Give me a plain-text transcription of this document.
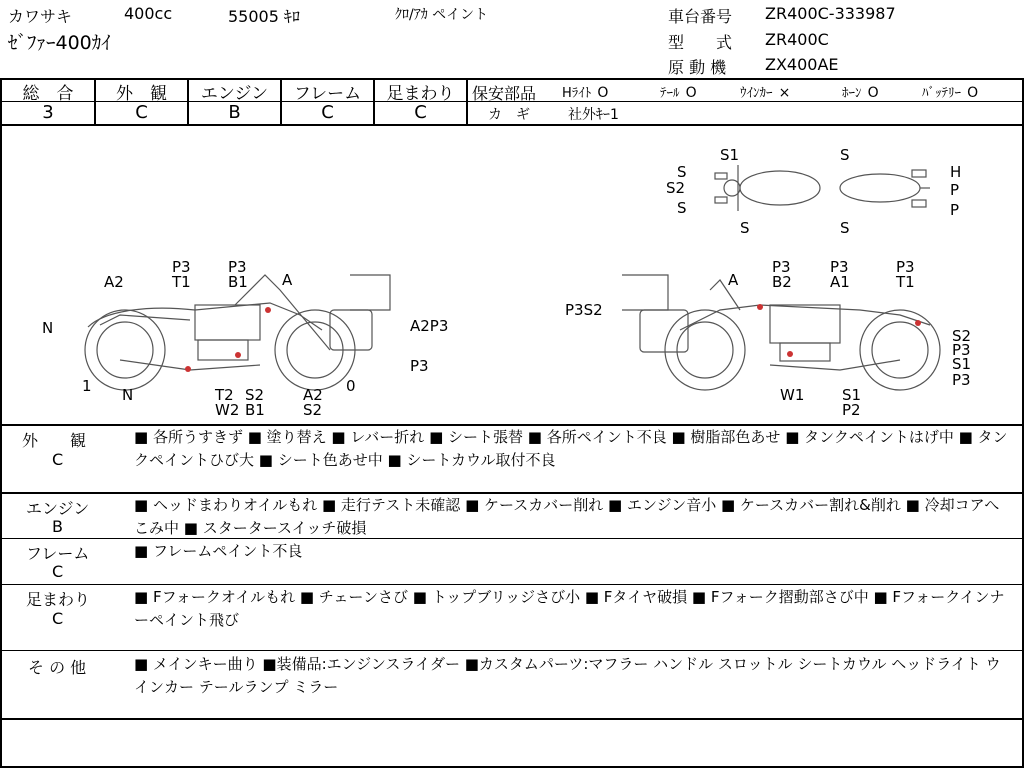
カワサキ	400cc	55005 ｷﾛ	ｸﾛ/ｱｶ ペイント
ｾﾞﾌｧｰ400ｶｲ
車台番号 ZR400C-333987
型　　式 ZR400C
原 動 機 ZX400AE
総　合	外　観	エンジン	フレーム	足まわり
3	C	B	C	C
保安部品 Hﾗｲﾄ O	ﾃｰﾙ O	ｳｲﾝｶｰ ×	ﾎｰﾝ O	ﾊﾞｯﾃﾘｰ O
カ　ギ	社外ｷｰ1
S1	S
S2
S
S
S	S
H
P
P
P3
T1
P3
B1 A
A2
N	A2P3
P3
1 N	T2 S2
W2 B1
A2
S2
0
A
P3
B2
P3
A1
P3
T1
P3S2
S2
P3
S1
P3
W1	S1
P2
外　　観
C
■ 各所うすきず ■ 塗り替え ■ レバー折れ ■ シート張替 ■ 各所ペイント不良 ■ 樹脂部色あせ ■ タンクペイントはげ中 ■ タンクペイントひび大 ■ シート色あせ中 ■ シートカウル取付不良
エンジン
B
■ ヘッドまわりオイルもれ ■ 走行テスト未確認 ■ ケースカバー削れ ■ エンジン音小 ■ ケースカバー割れ&削れ ■ 冷却コアへこみ中 ■ スタータースイッチ破損
フレーム
C
■ フレームペイント不良
足まわり
C
■ Fフォークオイルもれ ■ チェーンさび ■ トップブリッジさび小 ■ Fタイヤ破損 ■ Fフォーク摺動部さび中 ■ Fフォークインナーペイント飛び
そ の 他	■ メインキー曲り ■装備品:エンジンスライダー ■カスタムパーツ:マフラー ハンドル スロットル シートカウル ヘッドライト ウインカー テールランプ ミラー
